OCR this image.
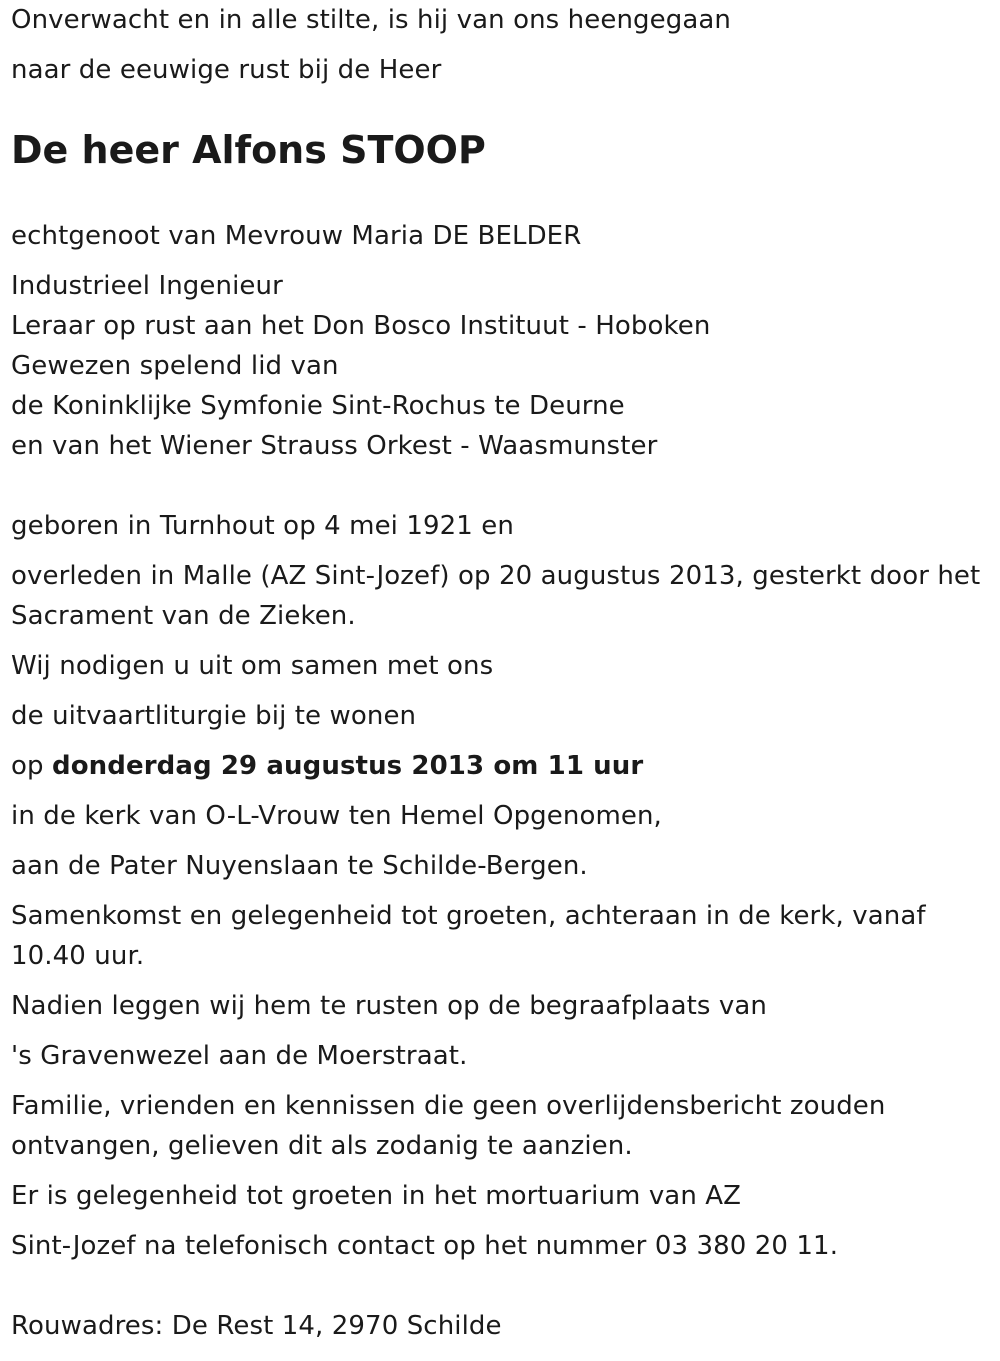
Onverwacht en in alle stilte, is hij van ons heengegaan
naar de eeuwige rust bij de Heer
De heer Alfons STOOP
echtgenoot van Mevrouw Maria DE BELDER
Industrieel Ingenieur
Leraar op rust aan het Don Bosco Instituut - Hoboken
Gewezen spelend lid van
de Koninklijke Symfonie Sint-Rochus te Deurne
en van het Wiener Strauss Orkest - Waasmunster
geboren in Turnhout op 4 mei 1921 en
overleden in Malle (AZ Sint-Jozef) op 20 augustus 2013, gesterkt door het Sacrament van de Zieken.
Wij nodigen u uit om samen met ons
de uitvaartliturgie bij te wonen
op donderdag 29 augustus 2013 om 11 uur
in de kerk van O-L-Vrouw ten Hemel Opgenomen,
aan de Pater Nuyenslaan te Schilde-Bergen.
Samenkomst en gelegenheid tot groeten, achteraan in de kerk, vanaf 10.40 uur.
Nadien leggen wij hem te rusten op de begraafplaats van
's Gravenwezel aan de Moerstraat.
Familie, vrienden en kennissen die geen overlijdensbericht zouden ontvangen, gelieven dit als zodanig te aanzien.
Er is gelegenheid tot groeten in het mortuarium van AZ
Sint-Jozef na telefonisch contact op het nummer 03 380 20 11.
Rouwadres: De Rest 14, 2970 Schilde
